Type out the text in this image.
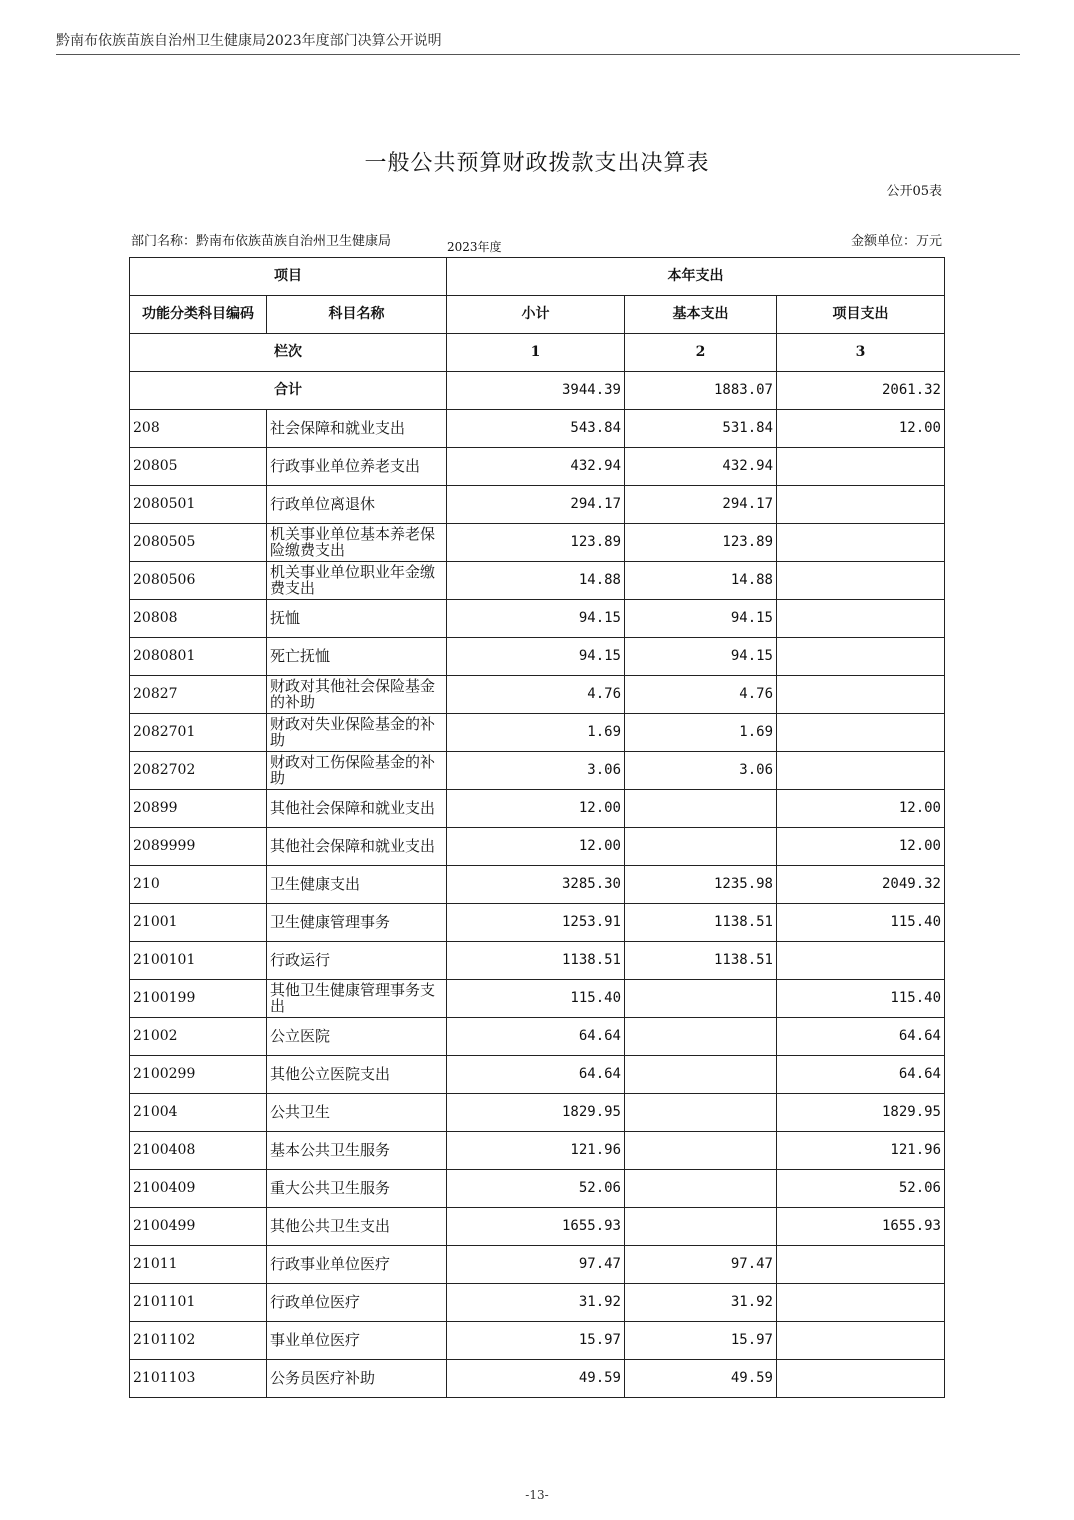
黔南布依族苗族自治州卫生健康局2023年度部门决算公开说明
一般公共预算财政拨款支出决算表
公开05表
部门名称：黔南布依族苗族自治州卫生健康局	2023年度	金额单位：万元
项目		本年支出		
功能分类科目编码	科目名称	小计	基本支出	项目支出
栏次		1	2	3
合计		3944.39	1883.07	2061.32
208	社会保障和就业支出	543.84	531.84	12.00
20805	行政事业单位养老支出	432.94	432.94	
2080501	行政单位离退休	294.17	294.17	
2080505	机关事业单位基本养老保险缴费支出	123.89	123.89	
2080506	机关事业单位职业年金缴费支出	14.88	14.88	
20808	抚恤	94.15	94.15	
2080801	死亡抚恤	94.15	94.15	
20827	财政对其他社会保险基金的补助	4.76	4.76	
2082701	财政对失业保险基金的补助	1.69	1.69	
2082702	财政对工伤保险基金的补助	3.06	3.06	
20899	其他社会保障和就业支出	12.00		12.00
2089999	其他社会保障和就业支出	12.00		12.00
210	卫生健康支出	3285.30	1235.98	2049.32
21001	卫生健康管理事务	1253.91	1138.51	115.40
2100101	行政运行	1138.51	1138.51	
2100199	其他卫生健康管理事务支出	115.40		115.40
21002	公立医院	64.64		64.64
2100299	其他公立医院支出	64.64		64.64
21004	公共卫生	1829.95		1829.95
2100408	基本公共卫生服务	121.96		121.96
2100409	重大公共卫生服务	52.06		52.06
2100499	其他公共卫生支出	1655.93		1655.93
21011	行政事业单位医疗	97.47	97.47	
2101101	行政单位医疗	31.92	31.92	
2101102	事业单位医疗	15.97	15.97	
2101103	公务员医疗补助	49.59	49.59	
-13-
